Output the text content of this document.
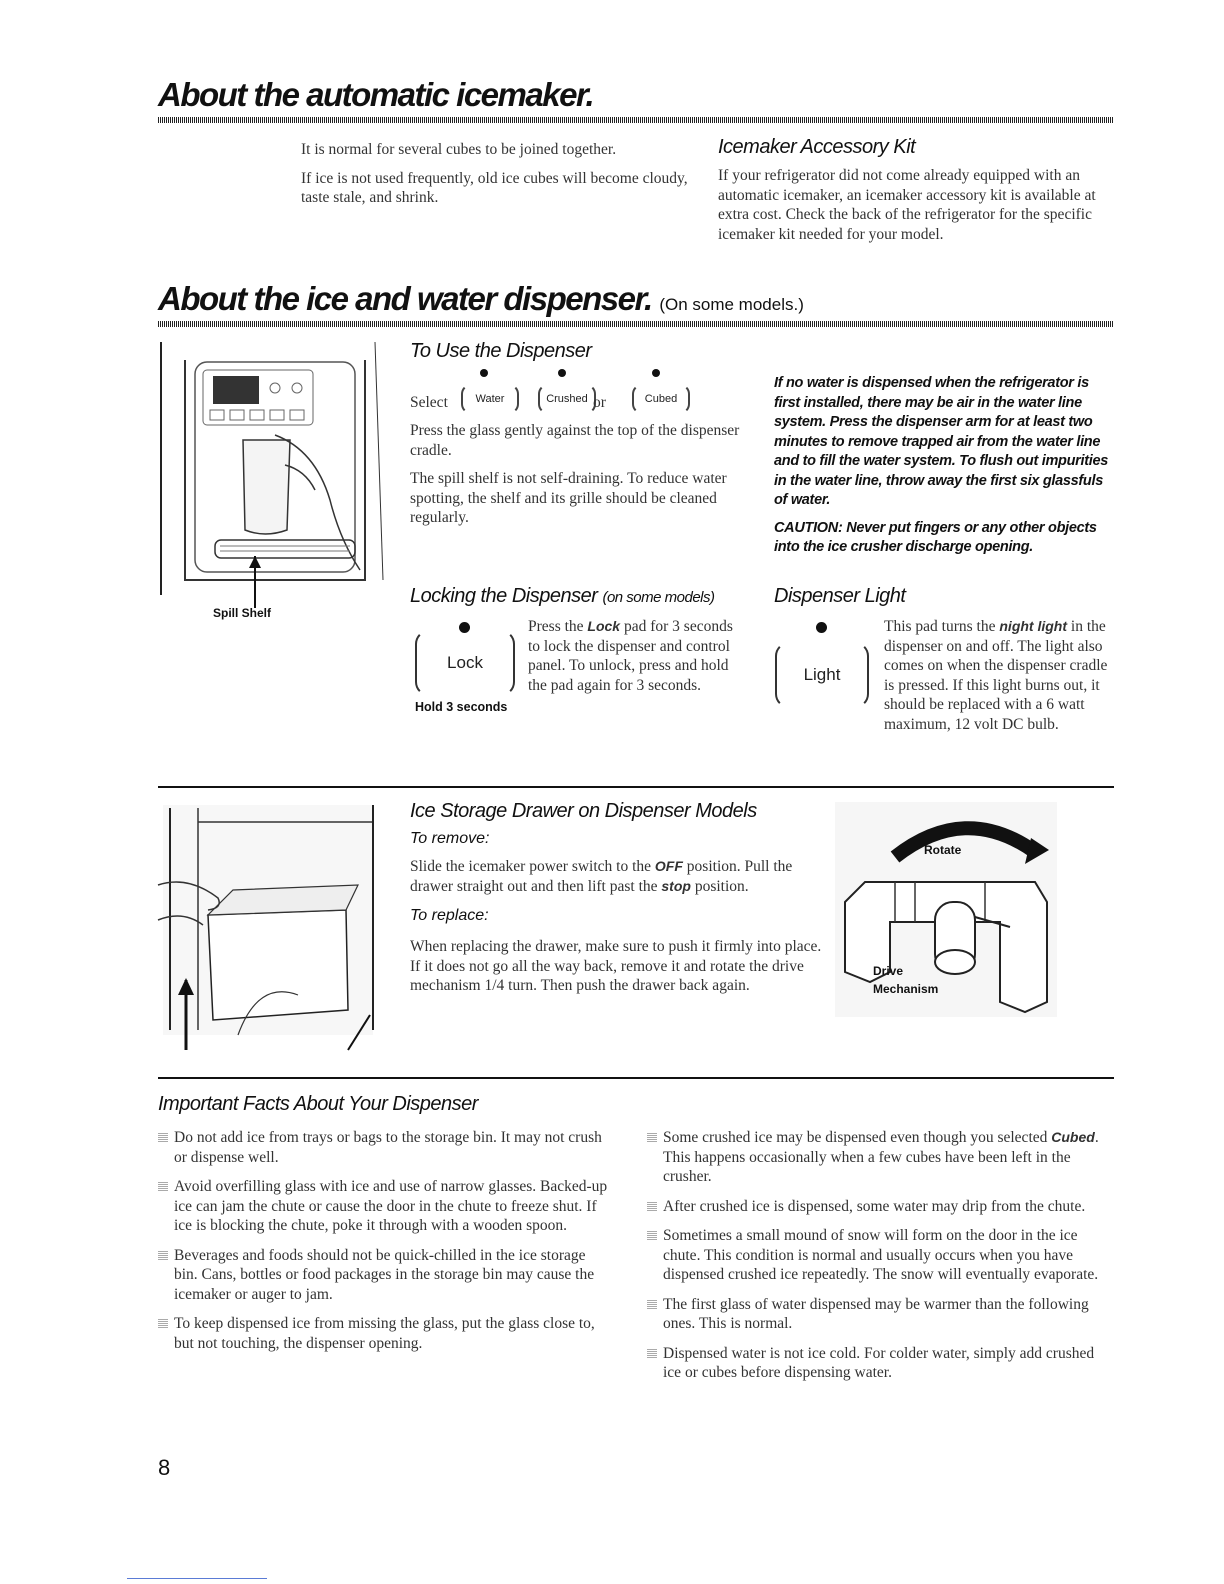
About the automatic icemaker.

It is normal for several cubes to be joined together.

If ice is not used frequently, old ice cubes will become cloudy, taste stale, and shrink.

Icemaker Accessory Kit
If your refrigerator did not come already equipped with an automatic icemaker, an icemaker accessory kit is available at extra cost. Check the back of the refrigerator for the specific icemaker kit needed for your model.
About the ice and water dispenser. (On some models.)
Spill Shelf
To Use the Dispenser
Select	Water	Crushed or	Cubed

Press the glass gently against the top of the dispenser cradle.

The spill shelf is not self-draining. To reduce water spotting, the shelf and its grille should be cleaned regularly.

If no water is dispensed when the refrigerator is first installed, there may be air in the water line system. Press the dispenser arm for at least two minutes to remove trapped air from the water line and to fill the water system. To flush out impurities in the water line, throw away the first six glassfuls of water.

CAUTION: Never put fingers or any other objects into the ice crusher discharge opening.

Locking the Dispenser (on some models)
Lock
Hold 3 seconds
Press the Lock pad for 3 seconds to lock the dispenser and control panel. To unlock, press and hold the pad again for 3 seconds.
Dispenser Light
Light
This pad turns the night light in the dispenser on and off. The light also comes on when the dispenser cradle is pressed. If this light burns out, it should be replaced with a 6 watt maximum, 12 volt DC bulb.
Ice Storage Drawer on Dispenser Models
To remove:
Slide the icemaker power switch to the OFF position. Pull the drawer straight out and then lift past the stop position.
To replace:
When replacing the drawer, make sure to push it firmly into place. If it does not go all the way back, remove it and rotate the drive mechanism 1/4 turn. Then push the drawer back again.
Rotate
Drive
Mechanism
Important Facts About Your Dispenser

Do not add ice from trays or bags to the storage bin. It may not crush or dispense well.

Avoid overfilling glass with ice and use of narrow glasses. Backed-up ice can jam the chute or cause the door in the chute to freeze shut. If ice is blocking the chute, poke it through with a wooden spoon.

Beverages and foods should not be quick-chilled in the ice storage bin. Cans, bottles or food packages in the storage bin may cause the icemaker or auger to jam.

To keep dispensed ice from missing the glass, put the glass close to, but not touching, the dispenser opening.

Some crushed ice may be dispensed even though you selected Cubed. This happens occasionally when a few cubes have been left in the crusher.

After crushed ice is dispensed, some water may drip from the chute.

Sometimes a small mound of snow will form on the door in the ice chute. This condition is normal and usually occurs when you have dispensed crushed ice repeatedly. The snow will eventually evaporate.

The first glass of water dispensed may be warmer than the following ones. This is normal.

Dispensed water is not ice cold. For colder water, simply add crushed ice or cubes before dispensing water.

8
